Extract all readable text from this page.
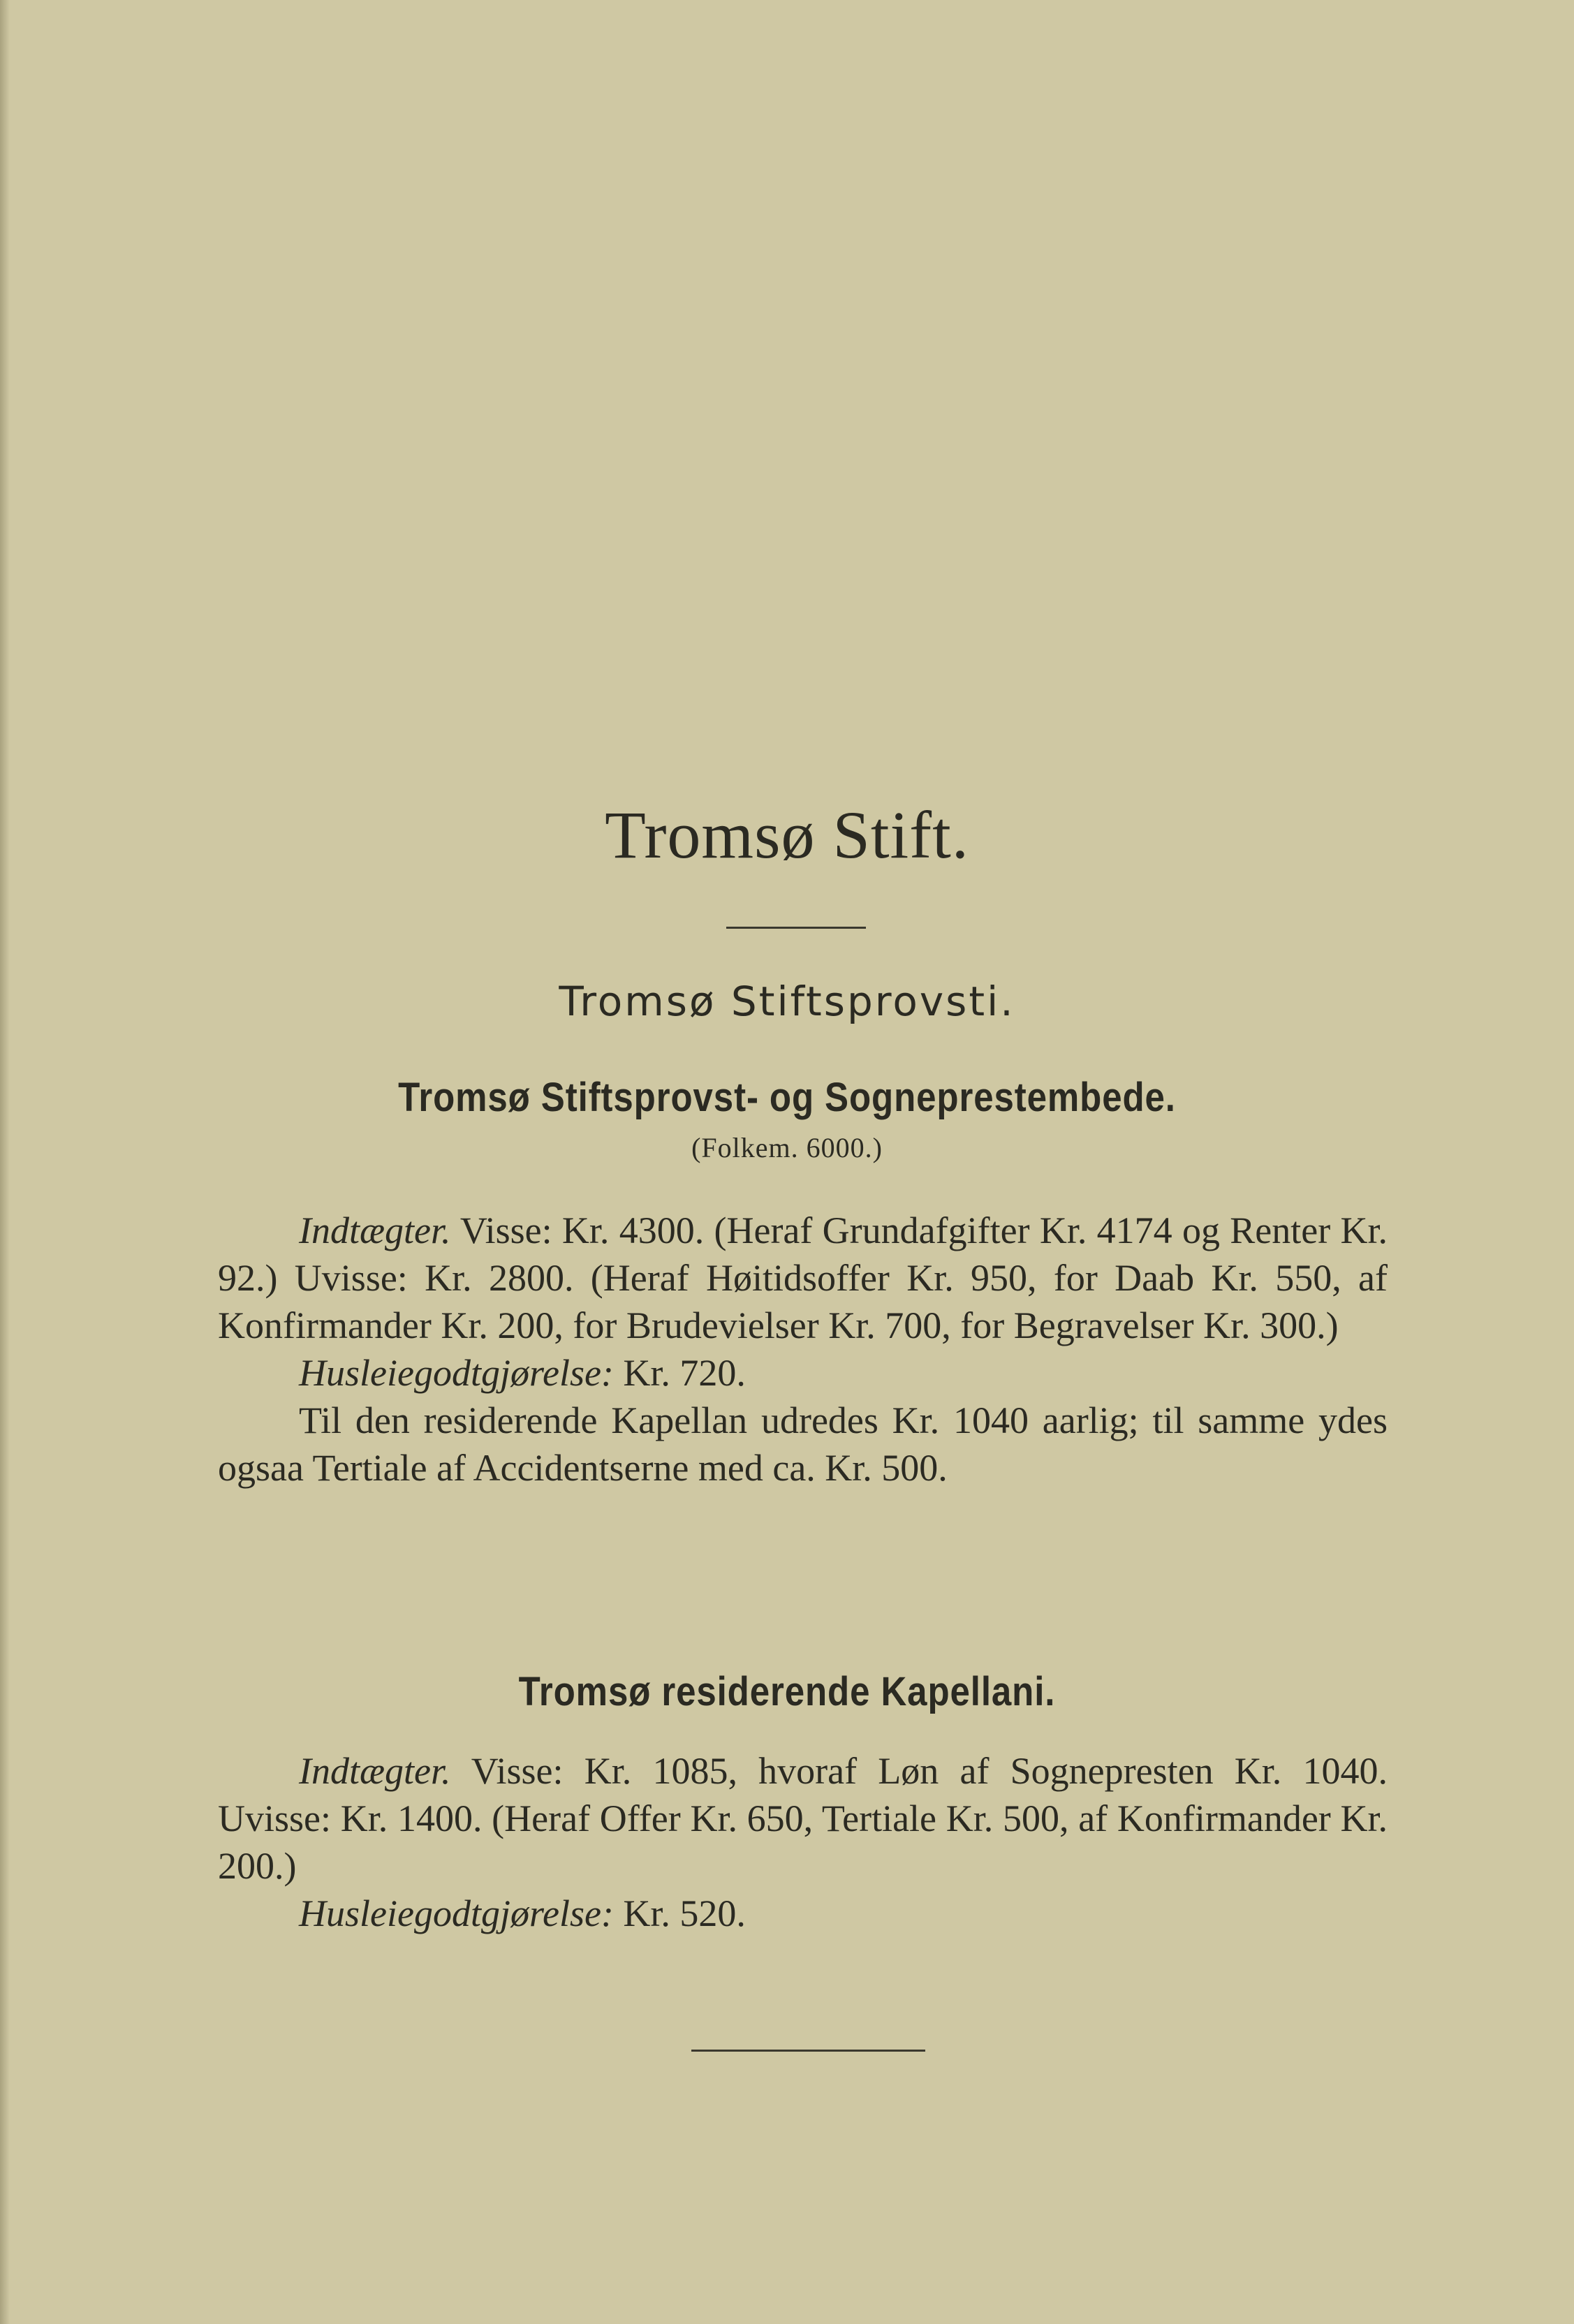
Tromsø Stift.
Tromsø Stiftsprovsti.
Tromsø Stiftsprovst- og Sogneprestembede.
(Folkem. 6000.)

Indtægter. Visse: Kr. 4300. (Heraf Grundafgifter Kr. 4174 og Renter Kr. 92.) Uvisse: Kr. 2800. (Heraf Høitidsoffer Kr. 950, for Daab Kr. 550, af Konfirmander Kr. 200, for Brudevielser Kr. 700, for Begravelser Kr. 300.)

Husleiegodtgjørelse: Kr. 720.

Til den residerende Kapellan udredes Kr. 1040 aarlig; til samme ydes ogsaa Tertiale af Accidentserne med ca. Kr. 500.

Tromsø residerende Kapellani.

Indtægter. Visse: Kr. 1085, hvoraf Løn af Sognepresten Kr. 1040. Uvisse: Kr. 1400. (Heraf Offer Kr. 650, Tertiale Kr. 500, af Konfirmander Kr. 200.)

Husleiegodtgjørelse: Kr. 520.
